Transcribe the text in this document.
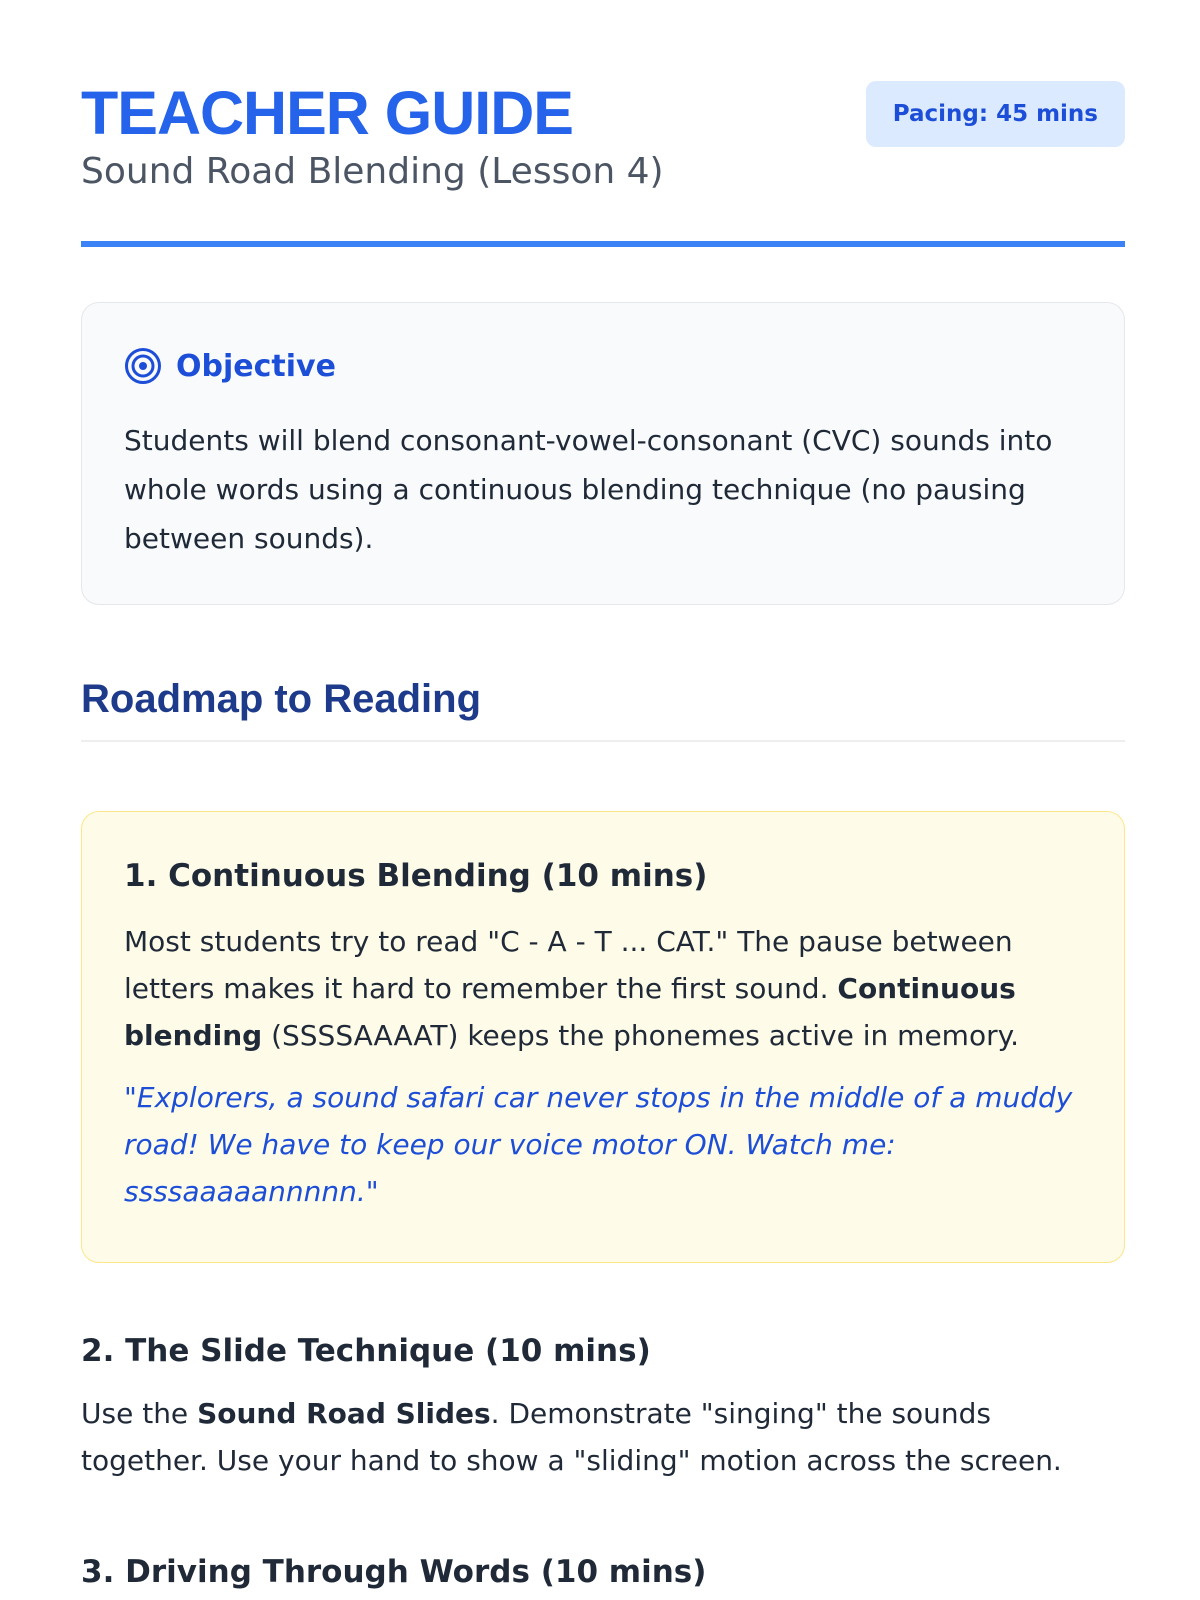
TEACHER GUIDE
Sound Road Blending (Lesson 4)
Pacing: 45 mins
Objective

Students will blend consonant-vowel-consonant (CVC) sounds into whole words using a continuous blending technique (no pausing between sounds).

Roadmap to Reading
1. Continuous Blending (10 mins)

Most students try to read "C - A - T ... CAT." The pause between letters makes it hard to remember the first sound. Continuous blending (SSSSAAAAT) keeps the phonemes active in memory.

"Explorers, a sound safari car never stops in the middle of a muddy road! We have to keep our voice motor ON. Watch me: ssssaaaaannnnn."

2. The Slide Technique (10 mins)

Use the Sound Road Slides. Demonstrate "singing" the sounds together. Use your hand to show a "sliding" motion across the screen.

3. Driving Through Words (10 mins)
